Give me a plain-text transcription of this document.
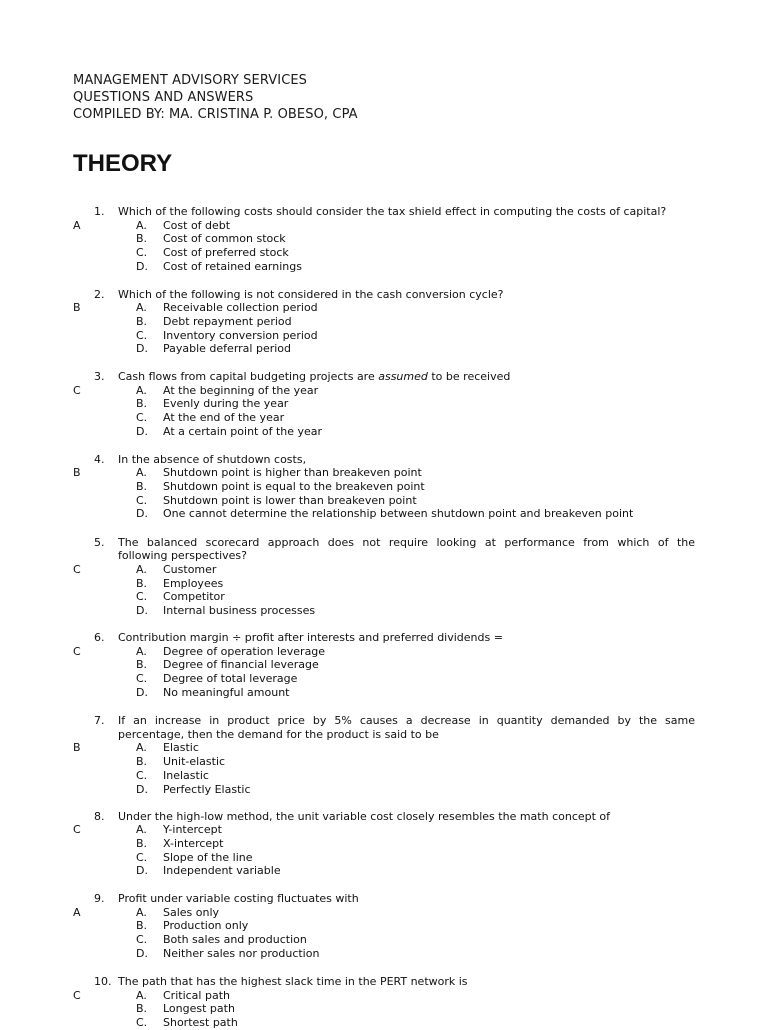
MANAGEMENT ADVISORY SERVICES
QUESTIONS AND ANSWERS
COMPILED BY: MA. CRISTINA P. OBESO, CPA
THEORY
1. Which of the following costs should consider the tax shield effect in computing the costs of capital?
A	A. Cost of debt
B. Cost of common stock
C. Cost of preferred stock
D. Cost of retained earnings
2. Which of the following is not considered in the cash conversion cycle?
B	A. Receivable collection period
B. Debt repayment period
C. Inventory conversion period
D. Payable deferral period
3. Cash flows from capital budgeting projects are assumed to be received
C	A. At the beginning of the year
B. Evenly during the year
C. At the end of the year
D. At a certain point of the year
4. In the absence of shutdown costs,
B	A. Shutdown point is higher than breakeven point
B. Shutdown point is equal to the breakeven point
C. Shutdown point is lower than breakeven point
D. One cannot determine the relationship between shutdown point and breakeven point
5. The balanced scorecard approach does not require looking at performance from which of the
following perspectives?
C	A. Customer
B. Employees
C. Competitor
D. Internal business processes
6. Contribution margin ÷ profit after interests and preferred dividends =
C	A. Degree of operation leverage
B. Degree of financial leverage
C. Degree of total leverage
D. No meaningful amount
7. If an increase in product price by 5% causes a decrease in quantity demanded by the same
percentage, then the demand for the product is said to be
B	A. Elastic
B. Unit-elastic
C. Inelastic
D. Perfectly Elastic
8. Under the high-low method, the unit variable cost closely resembles the math concept of
C	A. Y-intercept
B. X-intercept
C. Slope of the line
D. Independent variable
9. Profit under variable costing fluctuates with
A	A. Sales only
B. Production only
C. Both sales and production
D. Neither sales nor production
10. The path that has the highest slack time in the PERT network is
C	A. Critical path
B. Longest path
C. Shortest path
